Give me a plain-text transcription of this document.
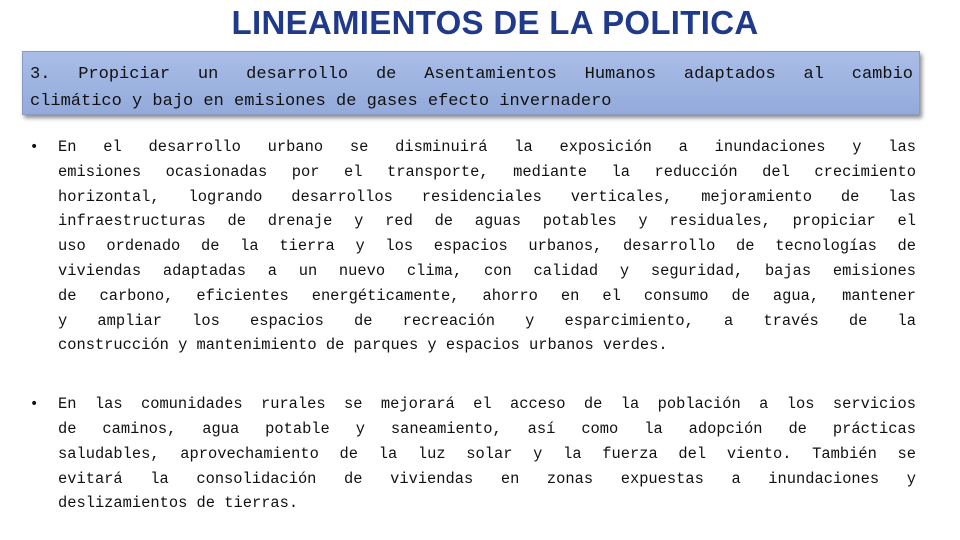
LINEAMIENTOS DE LA POLITICA
3. Propiciar un desarrollo de Asentamientos Humanos adaptados al cambio
climático y bajo en emisiones de gases efecto invernadero
• En el desarrollo urbano se disminuirá la exposición a inundaciones y las
emisiones ocasionadas por el transporte, mediante la reducción del crecimiento
horizontal, logrando desarrollos residenciales verticales, mejoramiento de las
infraestructuras de drenaje y red de aguas potables y residuales, propiciar el
uso ordenado de la tierra y los espacios urbanos, desarrollo de tecnologías de
viviendas adaptadas a un nuevo clima, con calidad y seguridad, bajas emisiones
de carbono, eficientes energéticamente, ahorro en el consumo de agua, mantener
y ampliar los espacios de recreación y esparcimiento, a través de la
construcción y mantenimiento de parques y espacios urbanos verdes.
• En las comunidades rurales se mejorará el acceso de la población a los servicios
de caminos, agua potable y saneamiento, así como la adopción de prácticas
saludables, aprovechamiento de la luz solar y la fuerza del viento. También se
evitará la consolidación de viviendas en zonas expuestas a inundaciones y
deslizamientos de tierras.
